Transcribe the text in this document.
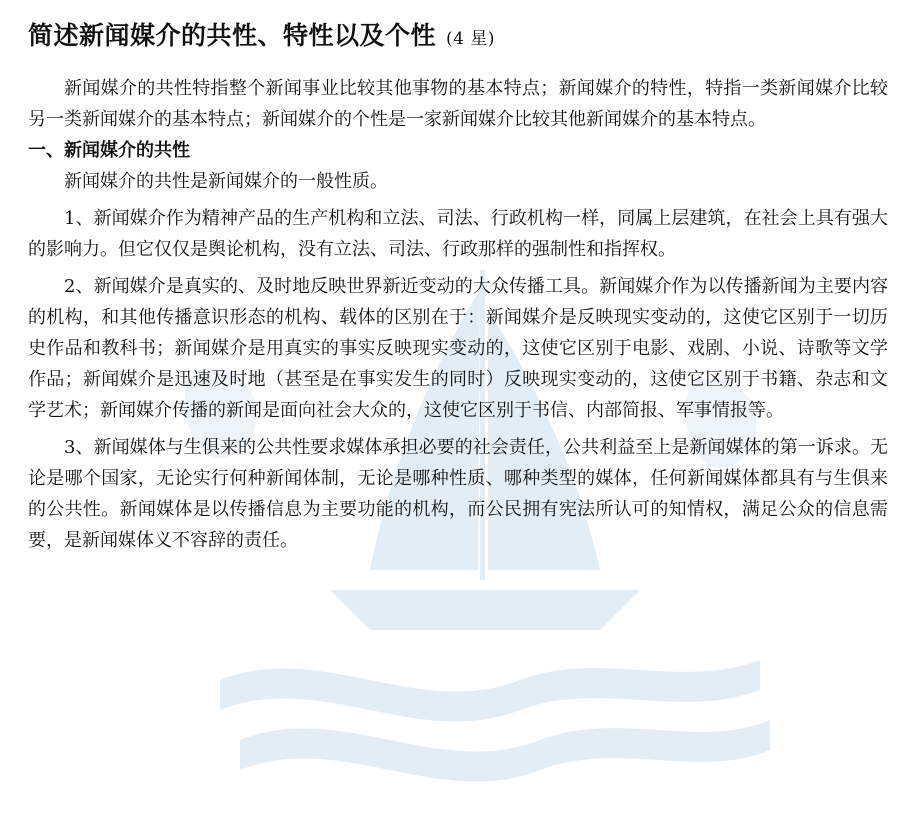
简述新闻媒介的共性、特性以及个性 (4 星)

新闻媒介的共性特指整个新闻事业比较其他事物的基本特点；新闻媒介的特性，特指一类新闻媒介比较另一类新闻媒介的基本特点；新闻媒介的个性是一家新闻媒介比较其他新闻媒介的基本特点。

一、新闻媒介的共性

新闻媒介的共性是新闻媒介的一般性质。

1、新闻媒介作为精神产品的生产机构和立法、司法、行政机构一样，同属上层建筑，在社会上具有强大的影响力。但它仅仅是舆论机构，没有立法、司法、行政那样的强制性和指挥权。

2、新闻媒介是真实的、及时地反映世界新近变动的大众传播工具。新闻媒介作为以传播新闻为主要内容的机构，和其他传播意识形态的机构、载体的区别在于：新闻媒介是反映现实变动的，这使它区别于一切历史作品和教科书；新闻媒介是用真实的事实反映现实变动的，这使它区别于电影、戏剧、小说、诗歌等文学作品；新闻媒介是迅速及时地（甚至是在事实发生的同时）反映现实变动的，这使它区别于书籍、杂志和文学艺术；新闻媒介传播的新闻是面向社会大众的，这使它区别于书信、内部简报、军事情报等。

3、新闻媒体与生俱来的公共性要求媒体承担必要的社会责任，公共利益至上是新闻媒体的第一诉求。无论是哪个国家，无论实行何种新闻体制，无论是哪种性质、哪种类型的媒体，任何新闻媒体都具有与生俱来的公共性。新闻媒体是以传播信息为主要功能的机构，而公民拥有宪法所认可的知情权，满足公众的信息需要，是新闻媒体义不容辞的责任。
